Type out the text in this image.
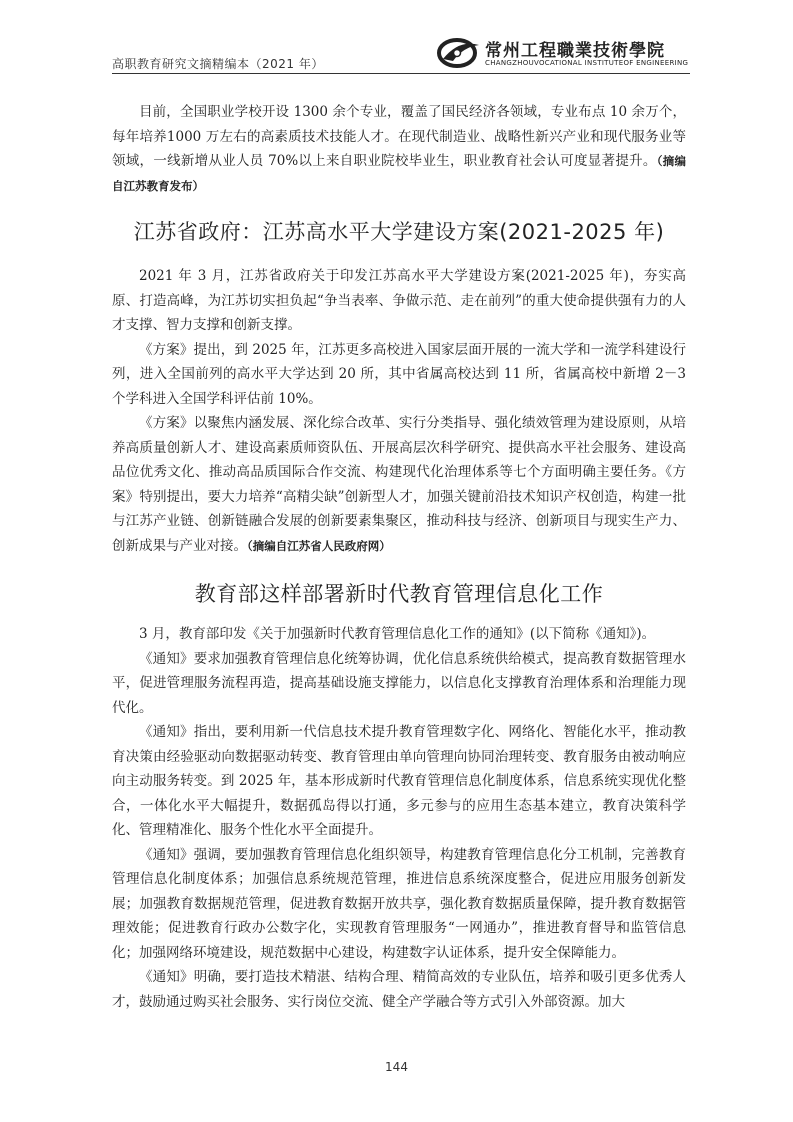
高职教育研究文摘精编本（2021 年）
常州工程職業技術學院
CHANGZHOUVOCATIONAL INSTITUTEOF ENGINEERING

目前，全国职业学校开设 1300 余个专业，覆盖了国民经济各领域，专业布点 10 余万个，每年培养1000 万左右的高素质技术技能人才。在现代制造业、战略性新兴产业和现代服务业等领域，一线新增从业人员 70%以上来自职业院校毕业生，职业教育社会认可度显著提升。（摘编自江苏教育发布）

江苏省政府：江苏高水平大学建设方案(2021-2025 年)

2021 年 3 月，江苏省政府关于印发江苏高水平大学建设方案(2021-2025 年)，夯实高原、打造高峰，为江苏切实担负起“争当表率、争做示范、走在前列”的重大使命提供强有力的人才支撑、智力支撑和创新支撑。

《方案》提出，到 2025 年，江苏更多高校进入国家层面开展的一流大学和一流学科建设行列，进入全国前列的高水平大学达到 20 所，其中省属高校达到 11 所，省属高校中新增 2－3 个学科进入全国学科评估前 10%。

《方案》以聚焦内涵发展、深化综合改革、实行分类指导、强化绩效管理为建设原则，从培养高质量创新人才、建设高素质师资队伍、开展高层次科学研究、提供高水平社会服务、建设高品位优秀文化、推动高品质国际合作交流、构建现代化治理体系等七个方面明确主要任务。《方案》特别提出，要大力培养“高精尖缺”创新型人才，加强关键前沿技术知识产权创造，构建一批与江苏产业链、创新链融合发展的创新要素集聚区，推动科技与经济、创新项目与现实生产力、创新成果与产业对接。（摘编自江苏省人民政府网）

教育部这样部署新时代教育管理信息化工作

3 月，教育部印发《关于加强新时代教育管理信息化工作的通知》(以下简称《通知》)。

《通知》要求加强教育管理信息化统筹协调，优化信息系统供给模式，提高教育数据管理水平，促进管理服务流程再造，提高基础设施支撑能力，以信息化支撑教育治理体系和治理能力现代化。

《通知》指出，要利用新一代信息技术提升教育管理数字化、网络化、智能化水平，推动教育决策由经验驱动向数据驱动转变、教育管理由单向管理向协同治理转变、教育服务由被动响应向主动服务转变。到 2025 年，基本形成新时代教育管理信息化制度体系，信息系统实现优化整合，一体化水平大幅提升，数据孤岛得以打通，多元参与的应用生态基本建立，教育决策科学化、管理精准化、服务个性化水平全面提升。

《通知》强调，要加强教育管理信息化组织领导，构建教育管理信息化分工机制，完善教育管理信息化制度体系；加强信息系统规范管理，推进信息系统深度整合，促进应用服务创新发展；加强教育数据规范管理，促进教育数据开放共享，强化教育数据质量保障，提升教育数据管理效能；促进教育行政办公数字化，实现教育管理服务“一网通办”，推进教育督导和监管信息化；加强网络环境建设，规范数据中心建设，构建数字认证体系，提升安全保障能力。

《通知》明确，要打造技术精湛、结构合理、精简高效的专业队伍，培养和吸引更多优秀人才，鼓励通过购买社会服务、实行岗位交流、健全产学融合等方式引入外部资源。加大

144
